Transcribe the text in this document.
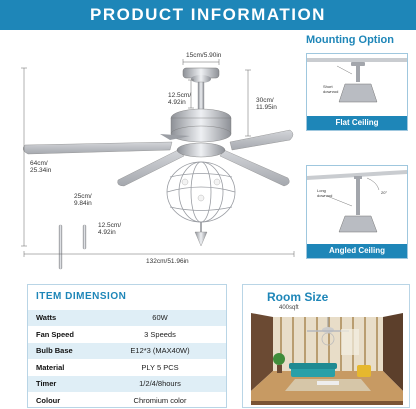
PRODUCT INFORMATION
15cm/5.90in
12.5cm/
4.92in	30cm/
11.95in
64cm/
25.34in
25cm/
9.84in
12.5cm/
4.92in
132cm/51.96in
Mounting Option
Short
downrod
Flat Ceiling
Long
downrod
20°
Angled Ceiling
ITEM DIMENSION
Watts	60W
Fan Speed	3 Speeds
Bulb Base	E12*3 (MAX40W)
Material	PLY 5 PCS
Timer	1/2/4/8hours
Colour	Chromium color
Room Size
400sqft
